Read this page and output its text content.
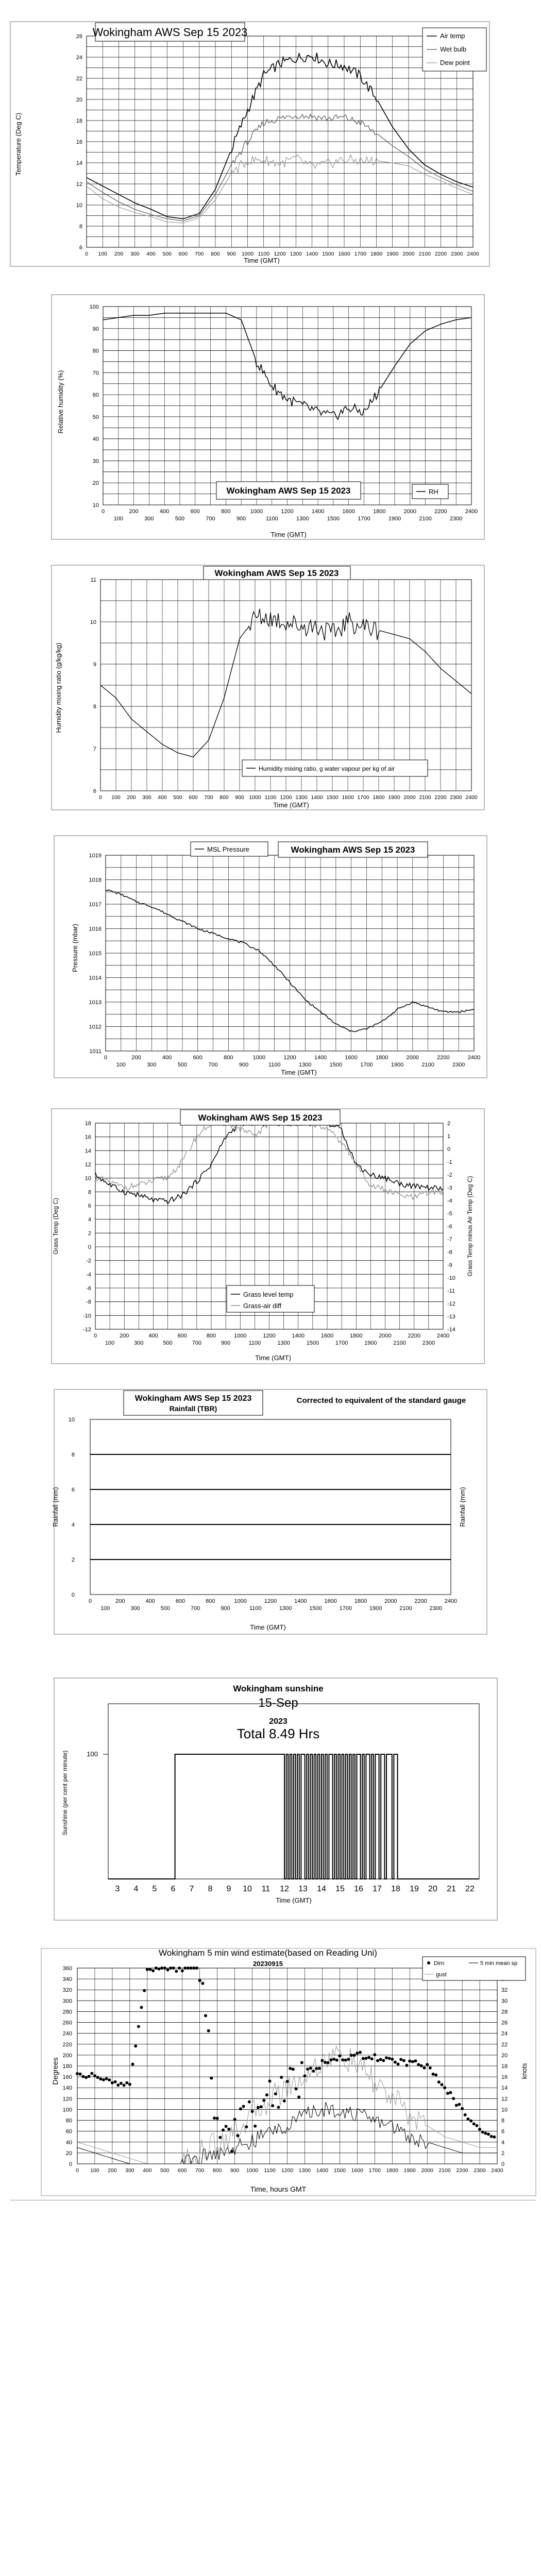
Wokingham AWS Sep 15 2023
6
8
10
12
14
16
18
20
22
24
26
0 100 200 300 400 500 600 700 800 900 1000 1100 1200 1300 1400 1500 1600 1700 1800 1900 2000 2100 2200 2300 2400
Temperature (Deg C)
Time (GMT)
Air temp
Wet bulb
Dew point
10
20
30
40
50
60
70
80
90
100
0	200	400	600	800	1000	1200	1400	1600	1800	2000	2200	2400
100	300	500	700	900	1100	1300	1500	1700	1900	2100	2300
Wokingham AWS Sep 15 2023	RH
Relative humidity (%)
Time (GMT)
Wokingham AWS Sep 15 2023
6
7
8
9
10
11
0 100 200 300 400 500 600 700 800 900 1000 1100 1200 1300 1400 1500 1600 1700 1800 1900 2000 2100 2200 2300 2400
Humidity mixing ratio, g water vapour per kg of air
Humidity mixing ratio (g/kg/kg)
Time (GMT)
MSL Pressure	Wokingham AWS Sep 15 2023
1011
1012
1013
1014
1015
1016
1017
1018
1019
0	200	400	600	800	1000	1200	1400	1600	1800	2000	2200	2400
100	300	500	700	900	1100	1300	1500	1700	1900	2100	2300
Pressure (mbar)
Time (GMT)
Wokingham AWS Sep 15 2023
-12
-10
-8
-6
-4
-2
0
2
4
6
8
10
12
14
16
18
-14
-13
-12
-11
-10
-9
-8
-7
-6
-5
-4
-3
-2
-1
0
1
2
0	200	400	600	800	1000	1200	1400	1600	1800	2000	2200	2400
100	300	500	700	900	1100	1300	1500	1700	1900	2100	2300
Grass level temp
Grass-air diff
Grass Temp (Deg C)	Grass Temp minus Air Temp (Deg C)
Time (GMT)
Wokingham AWS Sep 15 2023
Rainfall (TBR)
Corrected to equivalent of the standard gauge
0
2
4
6
8
10
0	200	400	600	800	1000	1200	1400	1600	1800	2000	2200	2400
100	300	500	700	900	1100	1300	1500	1700	1900	2100	2300
Rainfall (mm)	Rainfall (mm)
Time (GMT)
Wokingham sunshine
15-Sep
2023
Total 8.49 Hrs
3 4 5 6 7 8 9 10 11 12 13 14 15 16 17 18 19 20 21 22
100
Sunshine (per cent per minute)
Time (GMT)
Wokingham 5 min wind estimate(based on Reading Uni)
20230915
0
20
40
60
80
100
120
140
160
180
200
220
240
260
280
300
320
340
360
0
2
4
6
8
10
12
14
16
18
20
22
24
26
28
30
32
0 100 200 300 400 500 600 700 800 900 1000 1100 1200 1300 1400 1500 1600 1700 1800 1900 2000 2100 2200 2300 2400
Dirn	5 min mean sp
gust
Degrees	knots
Time, hours GMT
